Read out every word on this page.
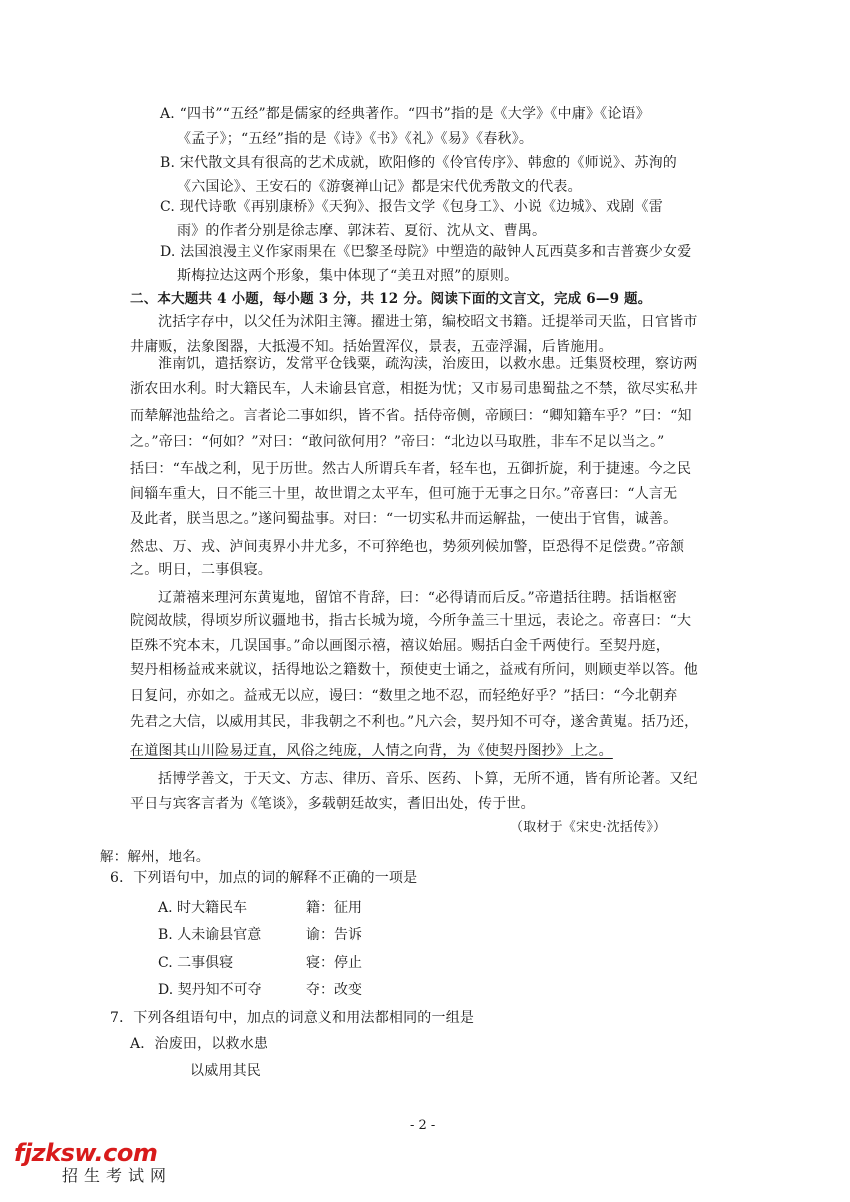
A. “四书”“五经”都是儒家的经典著作。“四书”指的是《大学》《中庸》《论语》
《孟子》；“五经”指的是《诗》《书》《礼》《易》《春秋》。
B. 宋代散文具有很高的艺术成就，欧阳修的《伶官传序》、韩愈的《师说》、苏洵的
《六国论》、王安石的《游褒禅山记》都是宋代优秀散文的代表。
C. 现代诗歌《再别康桥》《天狗》、报告文学《包身工》、小说《边城》、戏剧《雷
雨》的作者分别是徐志摩、郭沫若、夏衍、沈从文、曹禺。
D. 法国浪漫主义作家雨果在《巴黎圣母院》中塑造的敲钟人瓦西莫多和吉普赛少女爱
斯梅拉达这两个形象，集中体现了“美丑对照”的原则。
二、本大题共 4 小题，每小题 3 分，共 12 分。阅读下面的文言文，完成 6—9 题。
沈括字存中，以父任为沭阳主簿。擢进士第，编校昭文书籍。迁提举司天监，日官皆市
井庸贩，法象图器，大抵漫不知。括始置浑仪，景表，五壶浮漏，后皆施用。
淮南饥，遣括察访，发常平仓钱粟，疏沟渎，治废田，以救水患。迁集贤校理，察访两
浙农田水利。时大籍民车，人未谕县官意，相挺为忧；又市易司患蜀盐之不禁，欲尽实私井
而辇解池盐给之。言者论二事如织，皆不省。括侍帝侧，帝顾曰：“卿知籍车乎？”曰：“知
之。”帝曰：“何如？”对曰：“敢问欲何用？”帝曰：“北边以马取胜，非车不足以当之。”
括曰：“车战之利，见于历世。然古人所谓兵车者，轻车也，五御折旋，利于捷速。今之民
间辎车重大，日不能三十里，故世谓之太平车，但可施于无事之日尔。”帝喜曰：“人言无
及此者，朕当思之。”遂问蜀盐事。对曰：“一切实私井而运解盐，一使出于官售，诚善。
然忠、万、戎、泸间夷界小井尤多，不可猝绝也，势须列候加警，臣恐得不足偿费。”帝颔
之。明日，二事俱寝。
辽萧禧来理河东黄嵬地，留馆不肯辞，曰：“必得请而后反。”帝遣括往聘。括诣枢密
院阅故牍，得顷岁所议疆地书，指古长城为境，今所争盖三十里远，表论之。帝喜曰：“大
臣殊不究本末，几误国事。”命以画图示禧，禧议始屈。赐括白金千两使行。至契丹庭，
契丹相杨益戒来就议，括得地讼之籍数十，预使吏士诵之，益戒有所问，则顾吏举以答。他
日复问，亦如之。益戒无以应，谩曰：“数里之地不忍，而轻绝好乎？”括曰：“今北朝弃
先君之大信，以威用其民，非我朝之不利也。”凡六会，契丹知不可夺，遂舍黄嵬。括乃还，
在道图其山川险易迂直，风俗之纯庞，人情之向背，为《使契丹图抄》上之。
括博学善文，于天文、方志、律历、音乐、医药、卜算，无所不通，皆有所论著。又纪
平日与宾客言者为《笔谈》，多载朝廷故实，耆旧出处，传于世。
（取材于《宋史·沈括传》）
解：解州，地名。
6．下列语句中，加点的词的解释不正确的一项是
A. 时大籍民车	籍：征用
B. 人未谕县官意	谕：告诉
C. 二事俱寝	寝：停止
D. 契丹知不可夺	夺：改变
7．下列各组语句中，加点的词意义和用法都相同的一组是
A．治废田，以救水患
以威用其民
- 2 -
fjzksw.com
招生考试网
